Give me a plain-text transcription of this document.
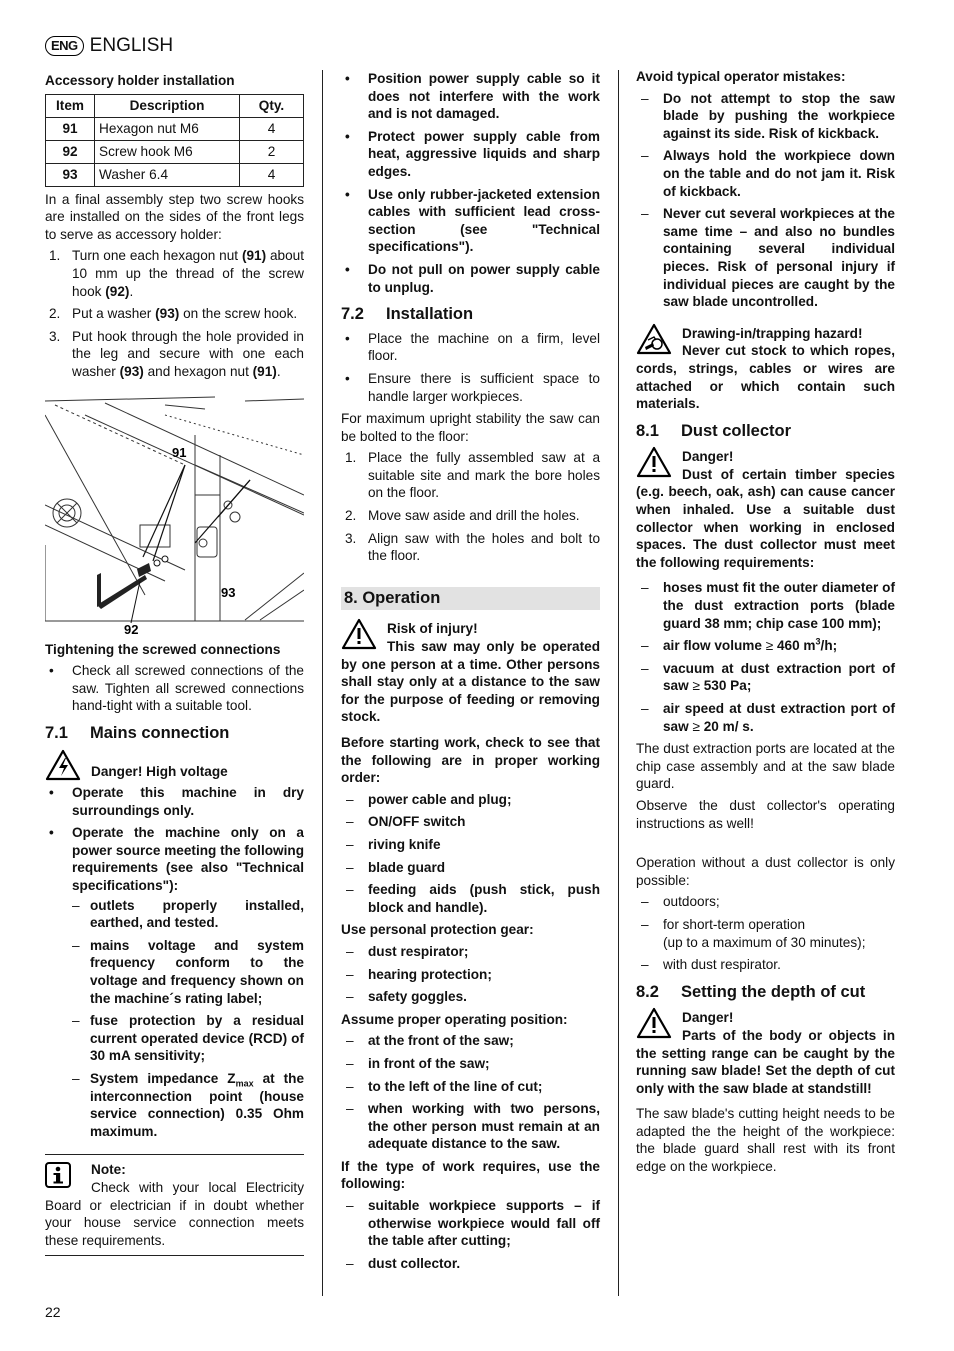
ENG ENGLISH
Accessory holder installation
Item	Description	Qty.
91	Hexagon nut M6	4
92	Screw hook M6	2
93	Washer 6.4	4

In a final assembly step two screw hooks are installed on the sides of the front legs to serve as accessory holder:

1. Turn one each hexagon nut (91) about 10 mm up the thread of the screw hook (92).
2. Put a washer (93) on the screw hook.
3. Put hook through the hole provided in the leg and secure with one each washer (93) and hexagon nut (91).
91
93
92
Tightening the screwed connections
• Check all screwed connections of the saw. Tighten all screwed connections hand-tight with a suitable tool.
7.1 Mains connection
Danger! High voltage
• Operate this machine in dry surroundings only.
• Operate the machine only on a power source meeting the following requirements (see also "Technical specifications"):
– outlets properly installed, earthed, and tested.
– mains voltage and system frequency conform to the voltage and frequency shown on the machine´s rating label;
– fuse protection by a residual current operated device (RCD) of 30 mA sensitivity;
– System impedance $Z_{max}$ at the interconnection point (house service connection) 0.35 Ohm maximum.
Note:

Check with your local Electricity Board or electrician if in doubt whether your house service connection meets these requirements.

• Position power supply cable so it does not interfere with the work and is not damaged.
• Protect power supply cable from heat, aggressive liquids and sharp edges.
• Use only rubber-jacketed extension cables with sufficient lead cross-section (see "Technical specifications").
• Do not pull on power supply cable to unplug.
7.2 Installation
• Place the machine on a firm, level floor.
• Ensure there is sufficient space to handle larger workpieces.

For maximum upright stability the saw can be bolted to the floor:

1. Place the fully assembled saw at a suitable site and mark the bore holes on the floor.
2. Move saw aside and drill the holes.
3. Align saw with the holes and bolt to the floor.
8. Operation
Risk of injury!
This saw may only be operated by one person at a time. Other persons shall stay only at a distance to the saw for the purpose of feeding or removing stock.

Before starting work, check to see that the following are in proper working order:

– power cable and plug;
– ON/OFF switch
– riving knife
– blade guard
– feeding aids (push stick, push block and handle).

Use personal protection gear:

– dust respirator;
– hearing protection;
– safety goggles.

Assume proper operating position:

– at the front of the saw;
– in front of the saw;
– to the left of the line of cut;
– when working with two persons, the other person must remain at an adequate distance to the saw.

If the type of work requires, use the following:

– suitable workpiece supports – if otherwise workpiece would fall off the table after cutting;
– dust collector.

Avoid typical operator mistakes:

– Do not attempt to stop the saw blade by pushing the workpiece against its side. Risk of kickback.
– Always hold the workpiece down on the table and do not jam it. Risk of kickback.
– Never cut several workpieces at the same time – and also no bundles containing several individual pieces. Risk of personal injury if individual pieces are caught by the saw blade uncontrolled.
Drawing-in/trapping hazard!
Never cut stock to which ropes, cords, strings, cables or wires are attached or which contain such materials.
8.1 Dust collector
Danger!
Dust of certain timber species (e.g. beech, oak, ash) can cause cancer when inhaled. Use a suitable dust collector when working in enclosed spaces. The dust collector must meet the following requirements:
– hoses must fit the outer diameter of the dust extraction ports (blade guard 38 mm; chip case 100 mm);
– air flow volume ≥ 460 $m^3/h$;
– vacuum at dust extraction port of saw ≥ 530 Pa;
– air speed at dust extraction port of saw ≥ 20 m/ s.

The dust extraction ports are located at the chip case assembly and at the saw blade guard.

Observe the dust collector's operating instructions as well!

Operation without a dust collector is only possible:

– outdoors;
– for short-term operation
(up to a maximum of 30 minutes);
– with dust respirator.
8.2 Setting the depth of cut
Danger!
Parts of the body or objects in the setting range can be caught by the running saw blade! Set the depth of cut only with the saw blade at standstill!

The saw blade's cutting height needs to be adapted the the height of the workpiece: the blade guard shall rest with its front edge on the workpiece.

22
